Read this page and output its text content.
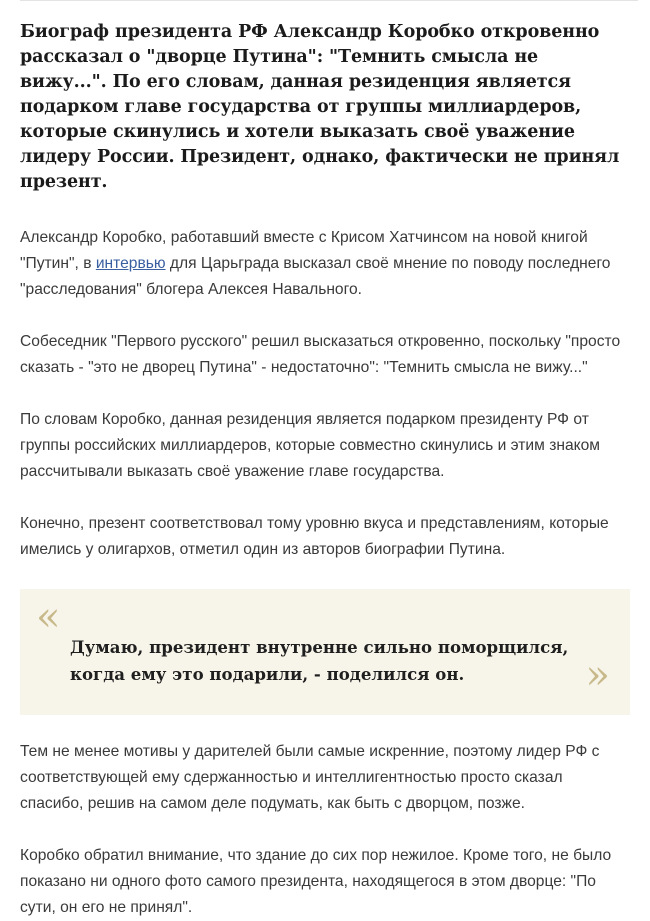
Биограф президента РФ Александр Коробко откровенно рассказал о "дворце Путина": "Темнить смысла не вижу...". По его словам, данная резиденция является подарком главе государства от группы миллиардеров, которые скинулись и хотели выказать своё уважение лидеру России. Президент, однако, фактически не принял презент.

Александр Коробко, работавший вместе с Крисом Хатчинсом на новой книгой "Путин", в интервью для Царьграда высказал своё мнение по поводу последнего "расследования" блогера Алексея Навального.

Собеседник "Первого русского" решил высказаться откровенно, поскольку "просто сказать - "это не дворец Путина" - недостаточно": "Темнить смысла не вижу..."

По словам Коробко, данная резиденция является подарком президенту РФ от группы российских миллиардеров, которые совместно скинулись и этим знаком рассчитывали выказать своё уважение главе государства.

Конечно, презент соответствовал тому уровню вкуса и представлениям, которые имелись у олигархов, отметил один из авторов биографии Путина.

«

Думаю, президент внутренне сильно поморщился, когда ему это подарили, - поделился он.	»

Тем не менее мотивы у дарителей были самые искренние, поэтому лидер РФ с соответствующей ему сдержанностью и интеллигентностью просто сказал спасибо, решив на самом деле подумать, как быть с дворцом, позже.

Коробко обратил внимание, что здание до сих пор нежилое. Кроме того, не было показано ни одного фото самого президента, находящегося в этом дворце: "По сути, он его не принял".
